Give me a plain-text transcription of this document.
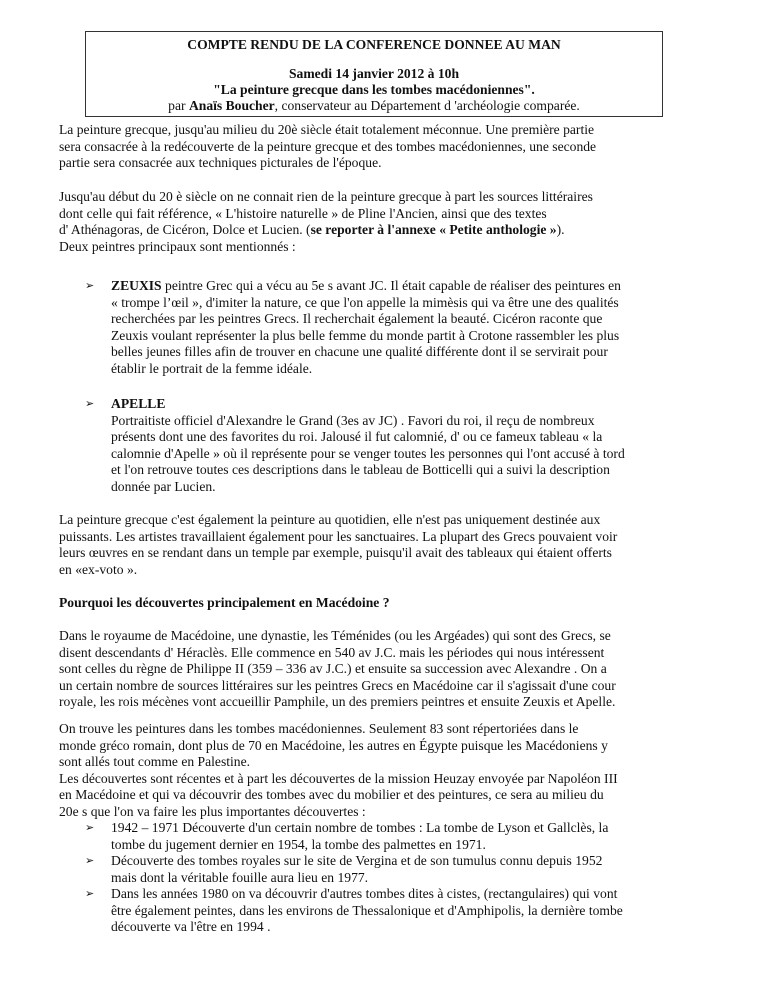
COMPTE RENDU DE LA CONFERENCE DONNEE AU MAN
Samedi 14 janvier 2012 à 10h
"La peinture grecque dans les tombes macédoniennes".
par Anaïs Boucher, conservateur au Département d 'archéologie comparée.
La peinture grecque, jusqu'au milieu du 20è siècle était totalement méconnue. Une première partie
sera consacrée à la redécouverte de la peinture grecque et des tombes macédoniennes, une seconde
partie sera consacrée aux techniques picturales de l'époque.
Jusqu'au début du 20 è siècle on ne connait rien de la peinture grecque à part les sources littéraires
dont celle qui fait référence, « L'histoire naturelle » de Pline l'Ancien, ainsi que des textes
d' Athénagoras, de Cicéron, Dolce et Lucien. (se reporter à l'annexe « Petite anthologie »).
Deux peintres principaux sont mentionnés :
➢	ZEUXIS peintre Grec qui a vécu au 5e s avant JC. Il était capable de réaliser des peintures en
« trompe l’œil », d'imiter la nature, ce que l'on appelle la mimèsis qui va être une des qualités
recherchées par les peintres Grecs. Il recherchait également la beauté. Cicéron raconte que
Zeuxis voulant représenter la plus belle femme du monde partit à Crotone rassembler les plus
belles jeunes filles afin de trouver en chacune une qualité différente dont il se servirait pour
établir le portrait de la femme idéale.
➢	APELLE
Portraitiste officiel d'Alexandre le Grand (3es av JC) . Favori du roi, il reçu de nombreux
présents dont une des favorites du roi. Jalousé il fut calomnié, d' ou ce fameux tableau « la
calomnie d'Apelle » où il représente pour se venger toutes les personnes qui l'ont accusé à tord
et l'on retrouve toutes ces descriptions dans le tableau de Botticelli qui a suivi la description
donnée par Lucien.
La peinture grecque c'est également la peinture au quotidien, elle n'est pas uniquement destinée aux
puissants. Les artistes travaillaient également pour les sanctuaires. La plupart des Grecs pouvaient voir
leurs œuvres en se rendant dans un temple par exemple, puisqu'il avait des tableaux qui étaient offerts
en «ex-voto ».
Pourquoi les découvertes principalement en Macédoine ?
Dans le royaume de Macédoine, une dynastie, les Téménides (ou les Argéades) qui sont des Grecs, se
disent descendants d' Héraclès. Elle commence en 540 av J.C. mais les périodes qui nous intéressent
sont celles du règne de Philippe II (359 – 336 av J.C.) et ensuite sa succession avec Alexandre . On a
un certain nombre de sources littéraires sur les peintres Grecs en Macédoine car il s'agissait d'une cour
royale, les rois mécènes vont accueillir Pamphile, un des premiers peintres et ensuite Zeuxis et Apelle.
On trouve les peintures dans les tombes macédoniennes. Seulement 83 sont répertoriées dans le
monde gréco romain, dont plus de 70 en Macédoine, les autres en Égypte puisque les Macédoniens y
sont allés tout comme en Palestine.
Les découvertes sont récentes et à part les découvertes de la mission Heuzay envoyée par Napoléon III
en Macédoine et qui va découvrir des tombes avec du mobilier et des peintures, ce sera au milieu du
20e s que l'on va faire les plus importantes découvertes :
➢	1942 – 1971 Découverte d'un certain nombre de tombes : La tombe de Lyson et Gallclès, la
tombe du jugement dernier en 1954, la tombe des palmettes en 1971.
➢	Découverte des tombes royales sur le site de Vergina et de son tumulus connu depuis 1952
mais dont la véritable fouille aura lieu en 1977.
➢	Dans les années 1980 on va découvrir d'autres tombes dites à cistes, (rectangulaires) qui vont
être également peintes, dans les environs de Thessalonique et d'Amphipolis, la dernière tombe
découverte va l'être en 1994 .
